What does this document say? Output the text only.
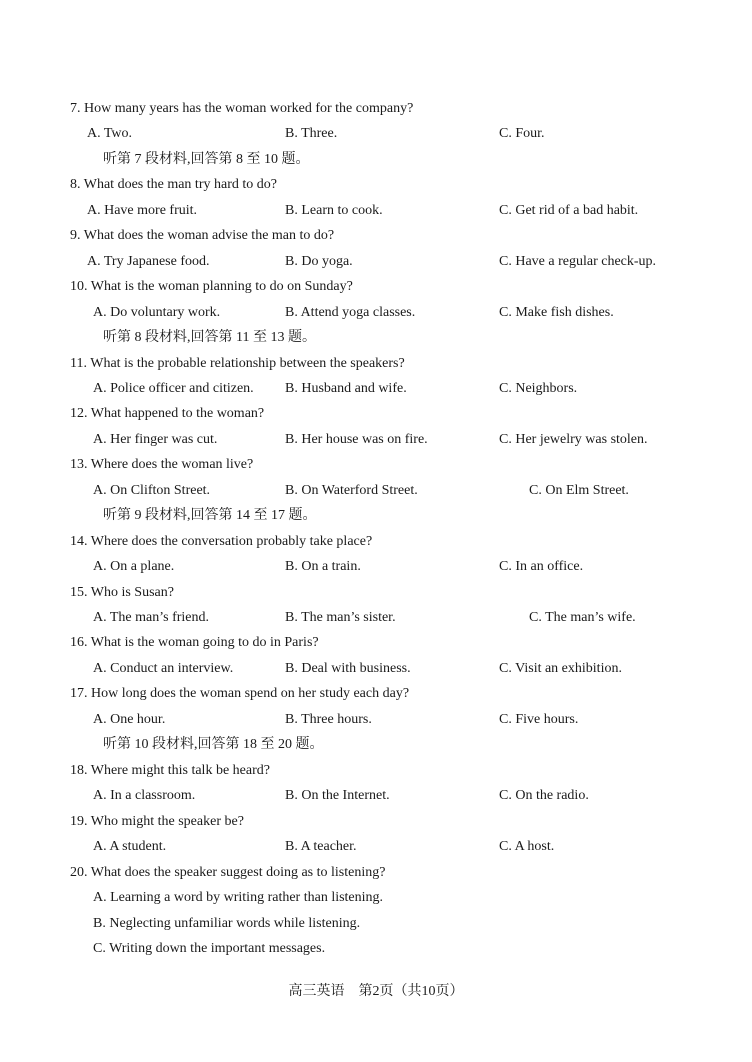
7. How many years has the woman worked for the company?
A. Two.	B. Three.	C. Four.
听第 7 段材料,回答第 8 至 10 题。
8. What does the man try hard to do?
A. Have more fruit.	B. Learn to cook.	C. Get rid of a bad habit.
9. What does the woman advise the man to do?
A. Try Japanese food.	B. Do yoga.	C. Have a regular check-up.
10. What is the woman planning to do on Sunday?
A. Do voluntary work.	B. Attend yoga classes.	C. Make fish dishes.
听第 8 段材料,回答第 11 至 13 题。
11. What is the probable relationship between the speakers?
A. Police officer and citizen. B. Husband and wife.	C. Neighbors.
12. What happened to the woman?
A. Her finger was cut.	B. Her house was on fire.	C. Her jewelry was stolen.
13. Where does the woman live?
A. On Clifton Street.	B. On Waterford Street.	C. On Elm Street.
听第 9 段材料,回答第 14 至 17 题。
14. Where does the conversation probably take place?
A. On a plane.	B. On a train.	C. In an office.
15. Who is Susan?
A. The man’s friend.	B. The man’s sister.	C. The man’s wife.
16. What is the woman going to do in Paris?
A. Conduct an interview.	B. Deal with business.	C. Visit an exhibition.
17. How long does the woman spend on her study each day?
A. One hour.	B. Three hours.	C. Five hours.
听第 10 段材料,回答第 18 至 20 题。
18. Where might this talk be heard?
A. In a classroom.	B. On the Internet.	C. On the radio.
19. Who might the speaker be?
A. A student.	B. A teacher.	C. A host.
20. What does the speaker suggest doing as to listening?
A. Learning a word by writing rather than listening.
B. Neglecting unfamiliar words while listening.
C. Writing down the important messages.
高三英语　第2页（共10页）
